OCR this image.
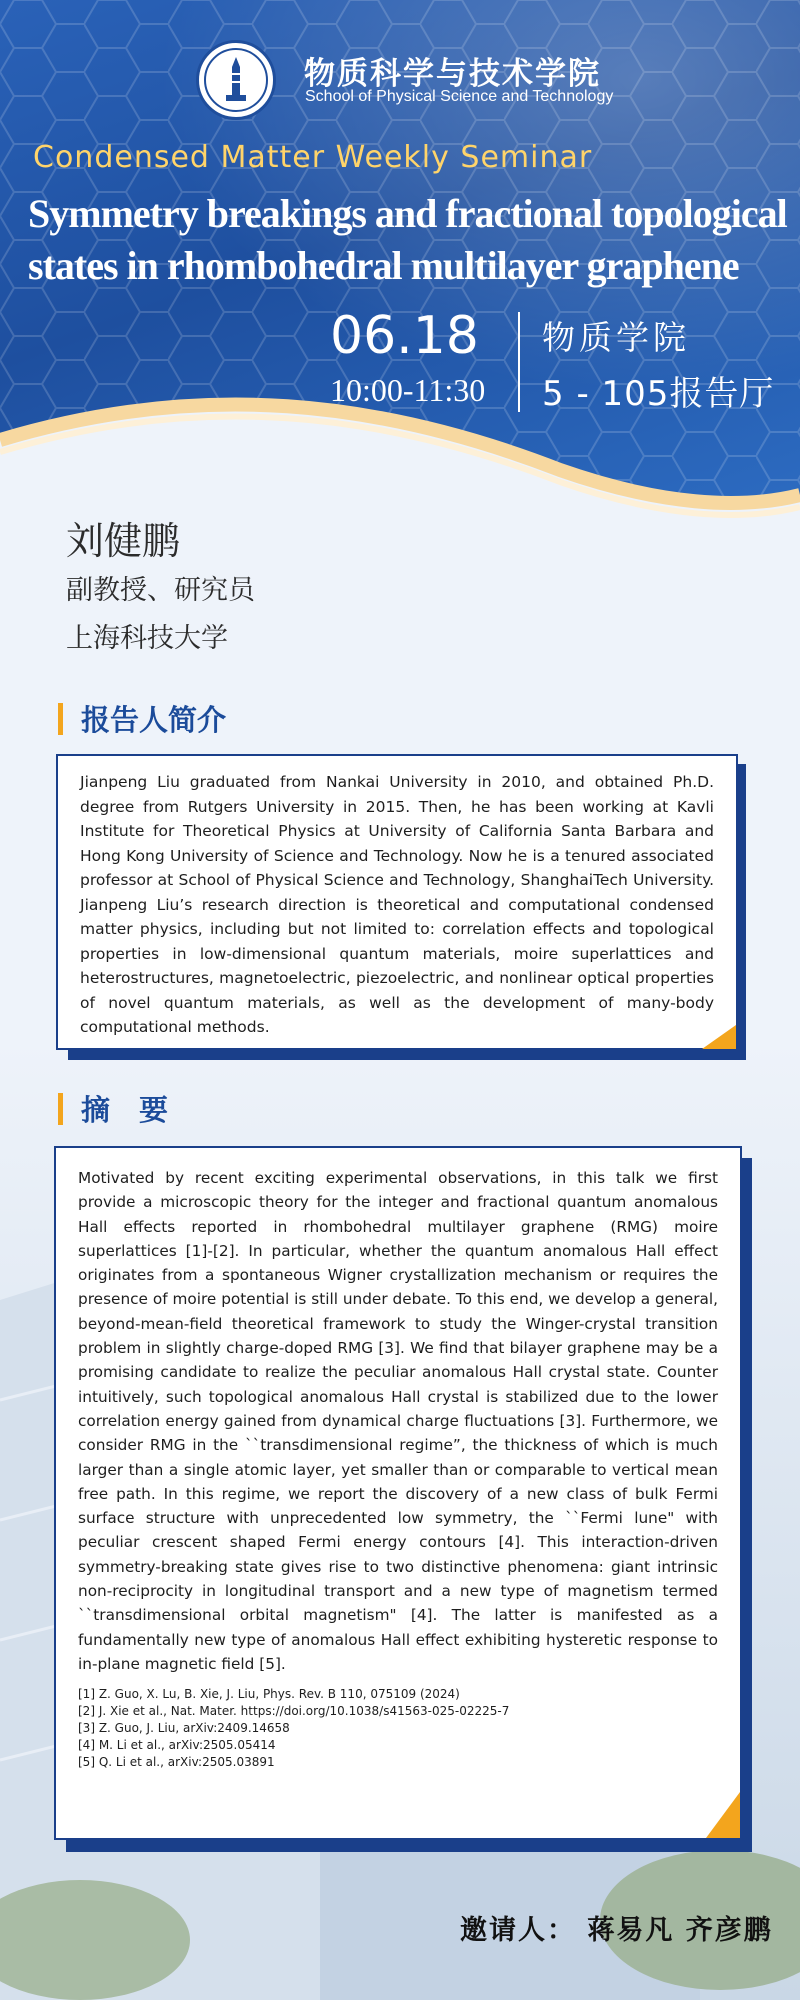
物质科学与技术学院
School of Physical Science and Technology
Condensed Matter Weekly Seminar
Symmetry breakings and fractional topological
states in rhombohedral multilayer graphene
06.18
10:00-11:30
物质学院
5 - 105报告厅
刘健鹏
副教授、研究员
上海科技大学
报告人简介

Jianpeng Liu graduated from Nankai University in 2010, and obtained Ph.D. degree from Rutgers University in 2015. Then, he has been working at Kavli Institute for Theoretical Physics at University of California Santa Barbara and Hong Kong University of Science and Technology. Now he is a tenured associated professor at School of Physical Science and Technology, ShanghaiTech University. Jianpeng Liu’s research direction is theoretical and computational condensed matter physics, including but not limited to: correlation effects and topological properties in low-dimensional quantum materials, moire superlattices and heterostructures, magnetoelectric, piezoelectric, and nonlinear optical properties of novel quantum materials, as well as the development of many-body computational methods.

摘　要

Motivated by recent exciting experimental observations, in this talk we first provide a microscopic theory for the integer and fractional quantum anomalous Hall effects reported in rhombohedral multilayer graphene (RMG) moire superlattices [1]-[2]. In particular, whether the quantum anomalous Hall effect originates from a spontaneous Wigner crystallization mechanism or requires the presence of moire potential is still under debate. To this end, we develop a general, beyond-mean-field theoretical framework to study the Winger-crystal transition problem in slightly charge-doped RMG [3]. We find that bilayer graphene may be a promising candidate to realize the peculiar anomalous Hall crystal state. Counter intuitively, such topological anomalous Hall crystal is stabilized due to the lower correlation energy gained from dynamical charge fluctuations [3]. Furthermore, we consider RMG in the ``transdimensional regime”, the thickness of which is much larger than a single atomic layer, yet smaller than or comparable to vertical mean free path. In this regime, we report the discovery of a new class of bulk Fermi surface structure with unprecedented low symmetry, the ``Fermi lune" with peculiar crescent shaped Fermi energy contours [4]. This interaction-driven symmetry-breaking state gives rise to two distinctive phenomena: giant intrinsic non-reciprocity in longitudinal transport and a new type of magnetism termed ``transdimensional orbital magnetism" [4]. The latter is manifested as a fundamentally new type of anomalous Hall effect exhibiting hysteretic response to in-plane magnetic field [5].

[1] Z. Guo, X. Lu, B. Xie, J. Liu, Phys. Rev. B 110, 075109 (2024)
[2] J. Xie et al., Nat. Mater. https://doi.org/10.1038/s41563-025-02225-7
[3] Z. Guo, J. Liu, arXiv:2409.14658
[4] M. Li et al., arXiv:2505.05414
[5] Q. Li et al., arXiv:2505.03891
邀请人： 蒋易凡 齐彦鹏
